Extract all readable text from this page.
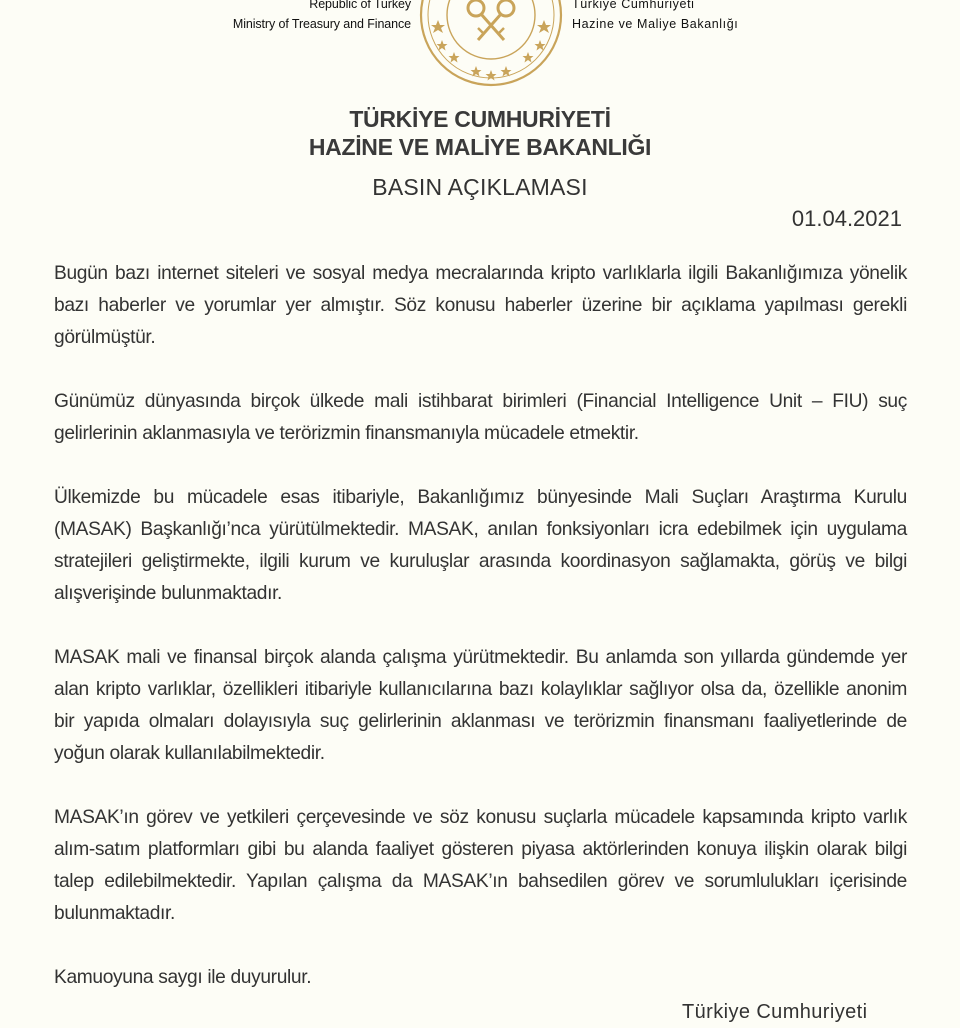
Republic of Turkey
Ministry of Treasury and Finance
Türkiye Cumhuriyeti
Hazine ve Maliye Bakanlığı
TÜRKİYE CUMHURİYETİ
HAZİNE VE MALİYE BAKANLIĞI
BASIN AÇIKLAMASI
01.04.2021

Bugün bazı internet siteleri ve sosyal medya mecralarında kripto varlıklarla ilgili Bakanlığımıza yönelik bazı haberler ve yorumlar yer almıştır. Söz konusu haberler üzerine bir açıklama yapılması gerekli görülmüştür.

Günümüz dünyasında birçok ülkede mali istihbarat birimleri (Financial Intelligence Unit – FIU) suç gelirlerinin aklanmasıyla ve terörizmin finansmanıyla mücadele etmektir.

Ülkemizde bu mücadele esas itibariyle, Bakanlığımız bünyesinde Mali Suçları Araştırma Kurulu (MASAK) Başkanlığı’nca yürütülmektedir. MASAK, anılan fonksiyonları icra edebilmek için uygulama stratejileri geliştirmekte, ilgili kurum ve kuruluşlar arasında koordinasyon sağlamakta, görüş ve bilgi alışverişinde bulunmaktadır.

MASAK mali ve finansal birçok alanda çalışma yürütmektedir. Bu anlamda son yıllarda gündemde yer alan kripto varlıklar, özellikleri itibariyle kullanıcılarına bazı kolaylıklar sağlıyor olsa da, özellikle anonim bir yapıda olmaları dolayısıyla suç gelirlerinin aklanması ve terörizmin finansmanı faaliyetlerinde de yoğun olarak kullanılabilmektedir.

MASAK’ın görev ve yetkileri çerçevesinde ve söz konusu suçlarla mücadele kapsamında kripto varlık alım-satım platformları gibi bu alanda faaliyet gösteren piyasa aktörlerinden konuya ilişkin olarak bilgi talep edilebilmektedir. Yapılan çalışma da MASAK’ın bahsedilen görev ve sorumlulukları içerisinde bulunmaktadır.

Kamuoyuna saygı ile duyurulur.
Türkiye Cumhuriyeti
